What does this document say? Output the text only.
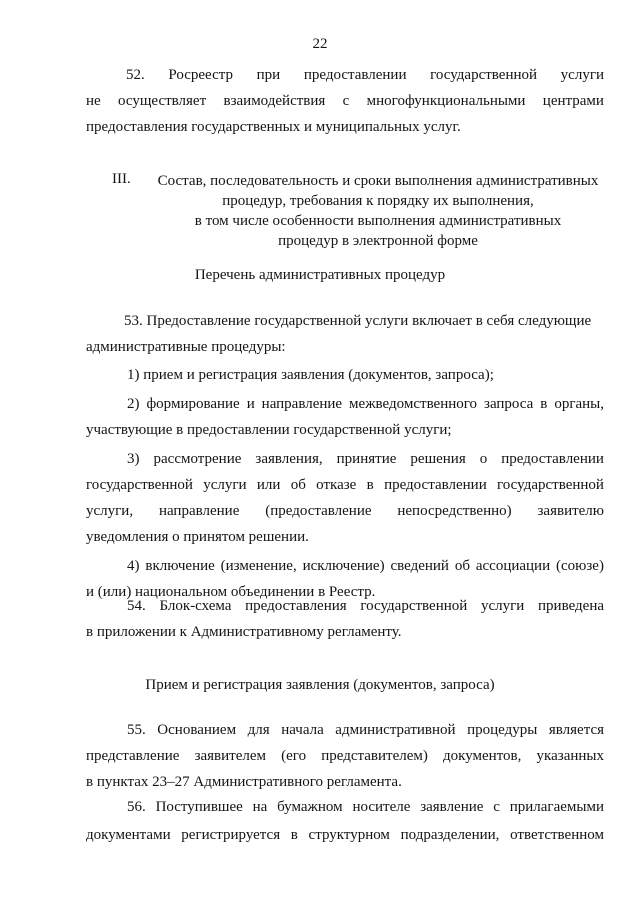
22
52. Росреестр при предоставлении государственной услуги
не осуществляет взаимодействия с многофункциональными центрами
предоставления государственных и муниципальных услуг.
III. Состав, последовательность и сроки выполнения административных
процедур, требования к порядку их выполнения,
в том числе особенности выполнения административных
процедур в электронной форме
Перечень административных процедур
53. Предоставление государственной услуги включает в себя следующие
административные процедуры:
1) прием и регистрация заявления (документов, запроса);
2) формирование и направление межведомственного запроса в органы,
участвующие в предоставлении государственной услуги;
3) рассмотрение заявления, принятие решения о предоставлении
государственной услуги или об отказе в предоставлении государственной
услуги, направление (предоставление непосредственно) заявителю
уведомления о принятом решении.
4) включение (изменение, исключение) сведений об ассоциации (союзе)
и (или) национальном объединении в Реестр.
54. Блок-схема предоставления государственной услуги приведена
в приложении к Административному регламенту.
Прием и регистрация заявления (документов, запроса)
55. Основанием для начала административной процедуры является
представление заявителем (его представителем) документов, указанных
в пунктах 23–27 Административного регламента.
56. Поступившее на бумажном носителе заявление с прилагаемыми
документами регистрируется в структурном подразделении, ответственном
